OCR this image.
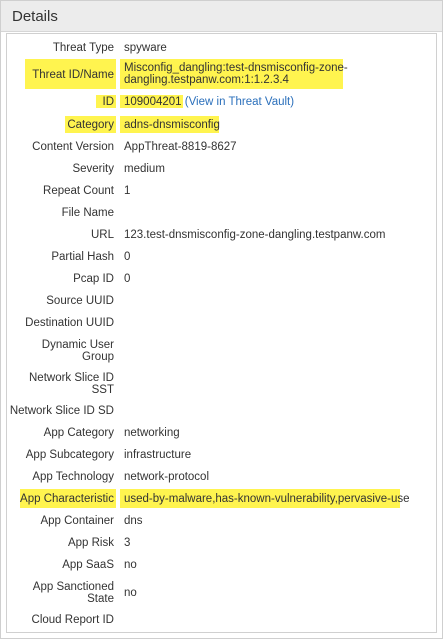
Details
Threat Type spyware
Threat ID/Name
Misconfig_dangling:test-dnsmisconfig-zone-
dangling.testpanw.com:1:1.2.3.4
ID 109004201 (View in Threat Vault)
Category adns-dnsmisconfig
Content Version AppThreat-8819-8627
Severity medium
Repeat Count 1
File Name
URL 123.test-dnsmisconfig-zone-dangling.testpanw.com
Partial Hash 0
Pcap ID 0
Source UUID
Destination UUID
Dynamic User
Group
Network Slice ID
SST
Network Slice ID SD
App Category networking
App Subcategory infrastructure
App Technology network-protocol
App Characteristic used-by-malware,has-known-vulnerability,pervasive-use
App Container dns
App Risk 3
App SaaS no
App Sanctioned
State no
Cloud Report ID
